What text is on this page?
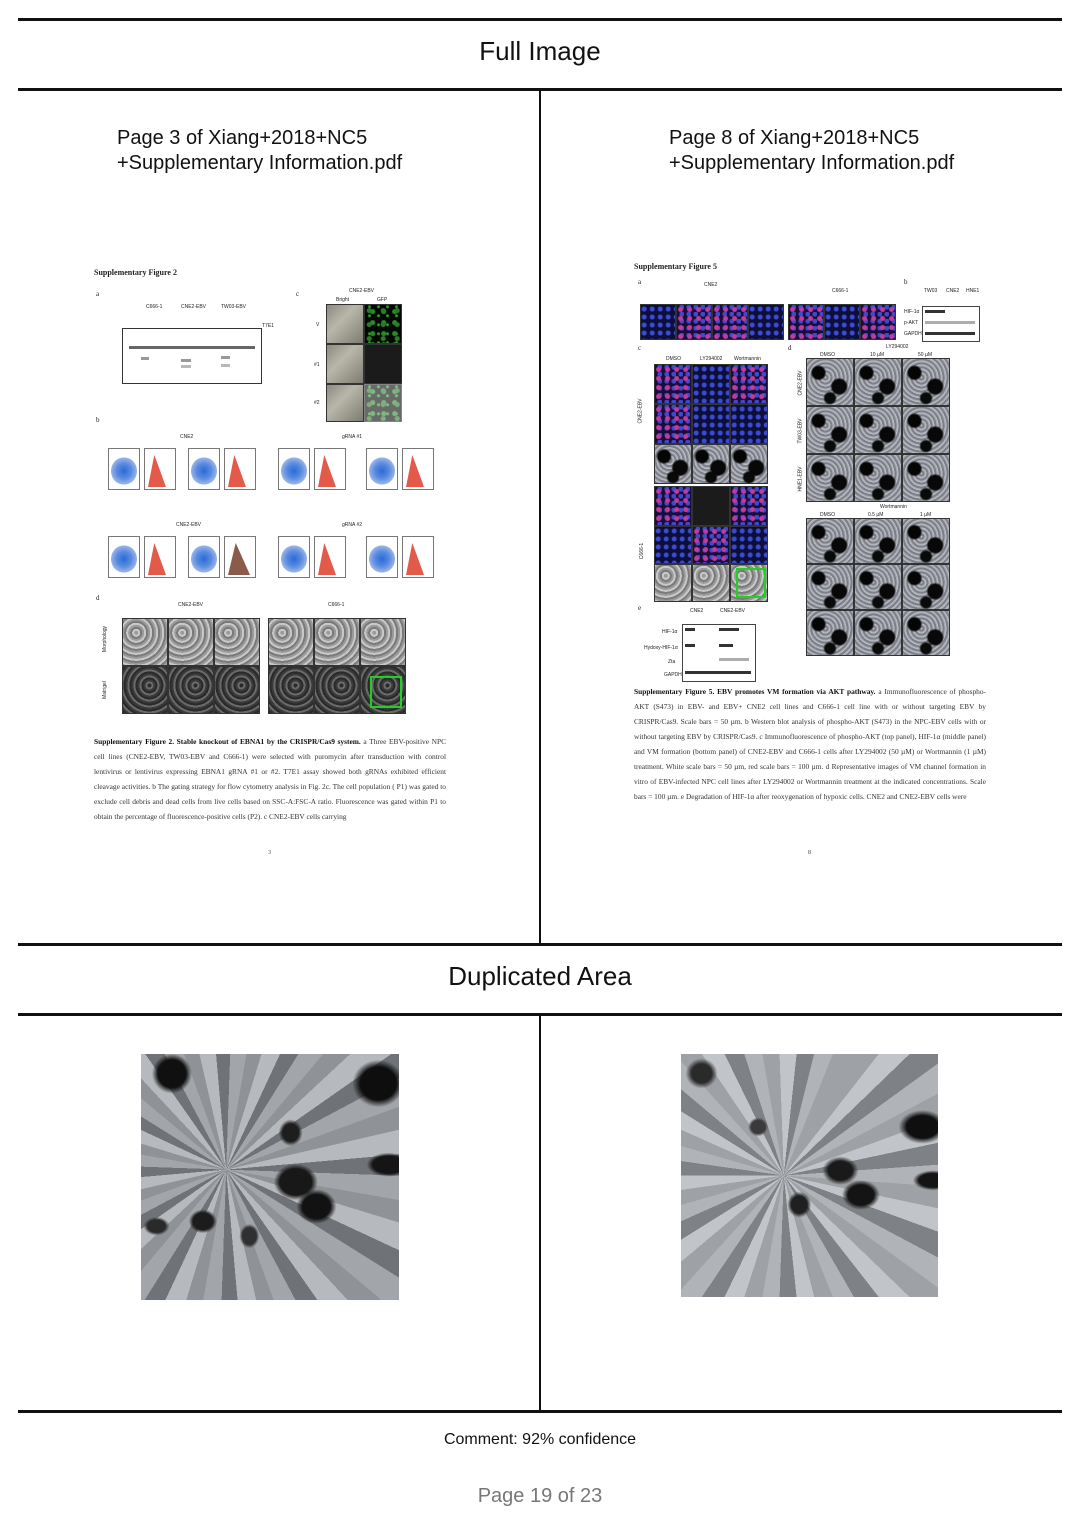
Full Image
Page 3 of Xiang+2018+NC5
+Supplementary Information.pdf
Page 8 of Xiang+2018+NC5
+Supplementary Information.pdf
Supplementary Figure 2
a
C666-1	CNE2-EBV	TW03-EBV
T7E1
c	CNE2-EBV
Bright	GFP
V
#1
#2
b
CNE2	gRNA #1
CNE2-EBV	gRNA #2
d
CNE2-EBV	C666-1
Morphology
Matrigel
Supplementary Figure 2. Stable knockout of EBNA1 by the CRISPR/Cas9 system. a Three EBV-positive NPC cell lines (CNE2-EBV, TW03-EBV and C666-1) were selected with puromycin after transduction with control lentivirus or lentivirus expressing EBNA1 gRNA #1 or #2. T7E1 assay showed both gRNAs exhibited efficient cleavage activities. b The gating strategy for flow cytometry analysis in Fig. 2c. The cell population ( P1) was gated to exclude cell debris and dead cells from live cells based on SSC-A:FSC-A ratio. Fluorescence was gated within P1 to obtain the percentage of fluorescence-positive cells (P2). c CNE2-EBV cells carrying
3
Supplementary Figure 5
a	CNE2
C666-1
b
TW03 CNE2 HNE1
HIF-1α
p-AKT
GAPDH
c
DMSO	LY294002 Wortmannin
CNE2-EBV
C666-1
d	LY294002
DMSO	10 µM	50 µM
CNE2-EBV
TW03-EBV
HNE1-EBV
Wortmannin
DMSO	0.5 µM	1 µM
e	CNE2	CNE2-EBV
HIF-1α
Hydoxy-HIF-1α
Zta
GAPDH
Supplementary Figure 5. EBV promotes VM formation via AKT pathway. a Immunofluorescence of phospho-AKT (S473) in EBV- and EBV+ CNE2 cell lines and C666-1 cell line with or without targeting EBV by CRISPR/Cas9. Scale bars = 50 µm. b Western blot analysis of phospho-AKT (S473) in the NPC-EBV cells with or without targeting EBV by CRISPR/Cas9. c Immunofluorescence of phospho-AKT (top panel), HIF-1α (middle panel) and VM formation (bottom panel) of CNE2-EBV and C666-1 cells after LY294002 (50 µM) or Wortmannin (1 µM) treatment. White scale bars = 50 µm, red scale bars = 100 µm. d Representative images of VM channel formation in vitro of EBV-infected NPC cell lines after LY294002 or Wortmannin treatment at the indicated concentrations. Scale bars = 100 µm. e Degradation of HIF-1α after reoxygenation of hypoxic cells. CNE2 and CNE2-EBV cells were
8
Duplicated Area
Comment: 92% confidence
Page 19 of 23
